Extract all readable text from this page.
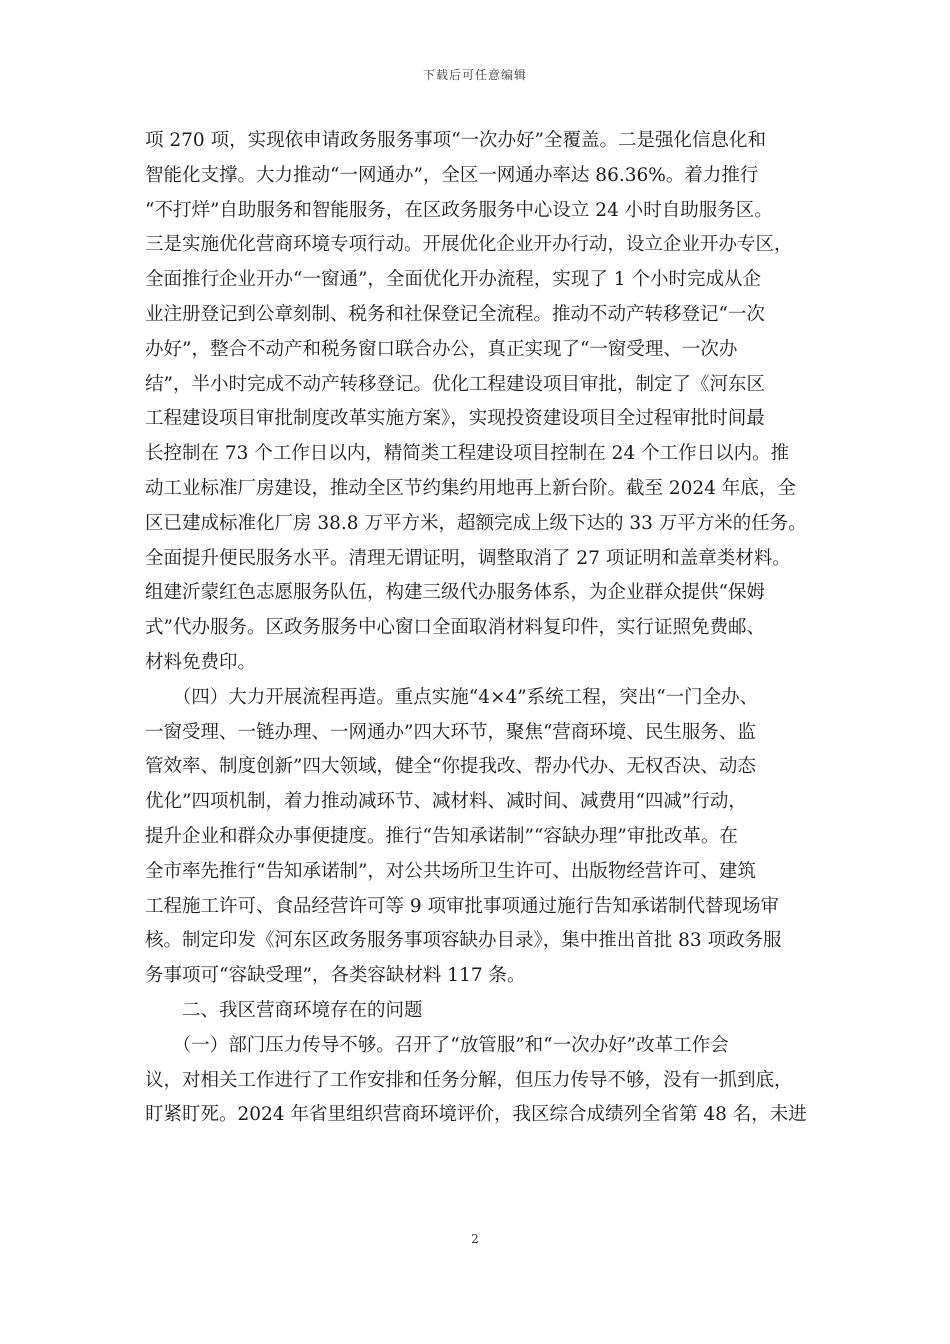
下载后可任意编辑
项 270 项，实现依申请政务服务事项“一次办好”全覆盖。二是强化信息化和
智能化支撑。大力推动“一网通办”，全区一网通办率达 86.36%。着力推行
“不打烊”自助服务和智能服务，在区政务服务中心设立 24 小时自助服务区。
三是实施优化营商环境专项行动。开展优化企业开办行动，设立企业开办专区，
全面推行企业开办“一窗通”，全面优化开办流程，实现了 1 个小时完成从企
业注册登记到公章刻制、税务和社保登记全流程。推动不动产转移登记“一次
办好”，整合不动产和税务窗口联合办公，真正实现了“一窗受理、一次办
结”，半小时完成不动产转移登记。优化工程建设项目审批，制定了《河东区
工程建设项目审批制度改革实施方案》，实现投资建设项目全过程审批时间最
长控制在 73 个工作日以内，精简类工程建设项目控制在 24 个工作日以内。推
动工业标准厂房建设，推动全区节约集约用地再上新台阶。截至 2024 年底，全
区已建成标准化厂房 38.8 万平方米，超额完成上级下达的 33 万平方米的任务。
全面提升便民服务水平。清理无谓证明，调整取消了 27 项证明和盖章类材料。
组建沂蒙红色志愿服务队伍，构建三级代办服务体系，为企业群众提供“保姆
式”代办服务。区政务服务中心窗口全面取消材料复印件，实行证照免费邮、
材料免费印。
　　（四）大力开展流程再造。重点实施“4×4”系统工程，突出“一门全办、
一窗受理、一链办理、一网通办”四大环节，聚焦“营商环境、民生服务、监
管效率、制度创新”四大领域，健全“你提我改、帮办代办、无权否决、动态
优化”四项机制，着力推动减环节、减材料、减时间、减费用“四减”行动，
提升企业和群众办事便捷度。推行“告知承诺制”“容缺办理”审批改革。在
全市率先推行“告知承诺制”，对公共场所卫生许可、出版物经营许可、建筑
工程施工许可、食品经营许可等 9 项审批事项通过施行告知承诺制代替现场审
核。制定印发《河东区政务服务事项容缺办目录》，集中推出首批 83 项政务服
务事项可“容缺受理”，各类容缺材料 117 条。
　　二、我区营商环境存在的问题
　　（一）部门压力传导不够。召开了“放管服”和“一次办好”改革工作会
议，对相关工作进行了工作安排和任务分解，但压力传导不够，没有一抓到底，
盯紧盯死。2024 年省里组织营商环境评价，我区综合成绩列全省第 48 名，未进
2
